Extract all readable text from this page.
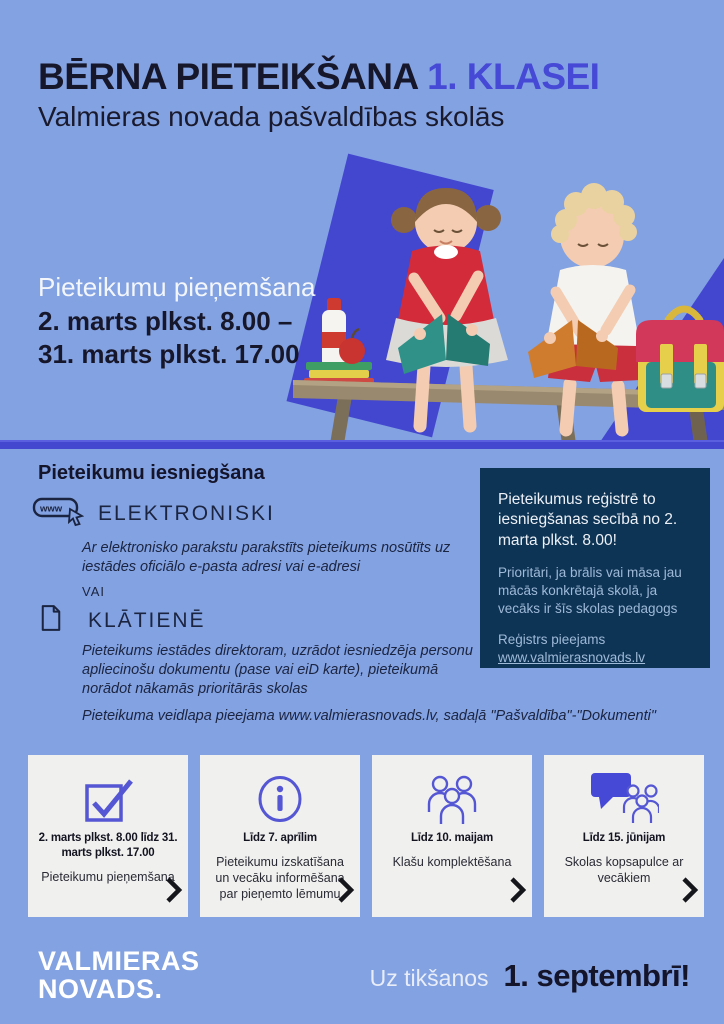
BĒRNA PIETEIKŠANA 1. KLASEI
Valmieras novada pašvaldības skolās
Pieteikumu pieņemšana
2. marts plkst. 8.00 –
31. marts plkst. 17.00
Pieteikumu iesniegšana
www ELEKTRONISKI
Ar elektronisko parakstu parakstīts pieteikums nosūtīts uz iestādes oficiālo e-pasta adresi vai e-adresi
VAI
KLĀTIENĒ
Pieteikums iestādes direktoram, uzrādot iesniedzēja personu apliecinošu dokumentu (pase vai eiD karte), pieteikumā norādot nākamās prioritārās skolas
Pieteikuma veidlapa pieejama www.valmierasnovads.lv, sadaļā "Pašvaldība"-"Dokumenti"
Pieteikumus reģistrē to iesniegšanas secībā no 2. marta plkst. 8.00!
Prioritāri, ja brālis vai māsa jau mācās konkrētajā skolā, ja vecāks ir šīs skolas pedagogs
Reģistrs pieejams
www.valmierasnovads.lv
2. marts plkst. 8.00 līdz 31. marts plkst. 17.00
Pieteikumu pieņemšana
Līdz 7. aprīlim
Pieteikumu izskatīšana un vecāku informēšana par pieņemto lēmumu
Līdz 10. maijam
Klašu komplektēšana
Līdz 15. jūnijam
Skolas kopsapulce ar vecākiem
VALMIERAS
NOVADS.	Uz tikšanos 1. septembrī!
